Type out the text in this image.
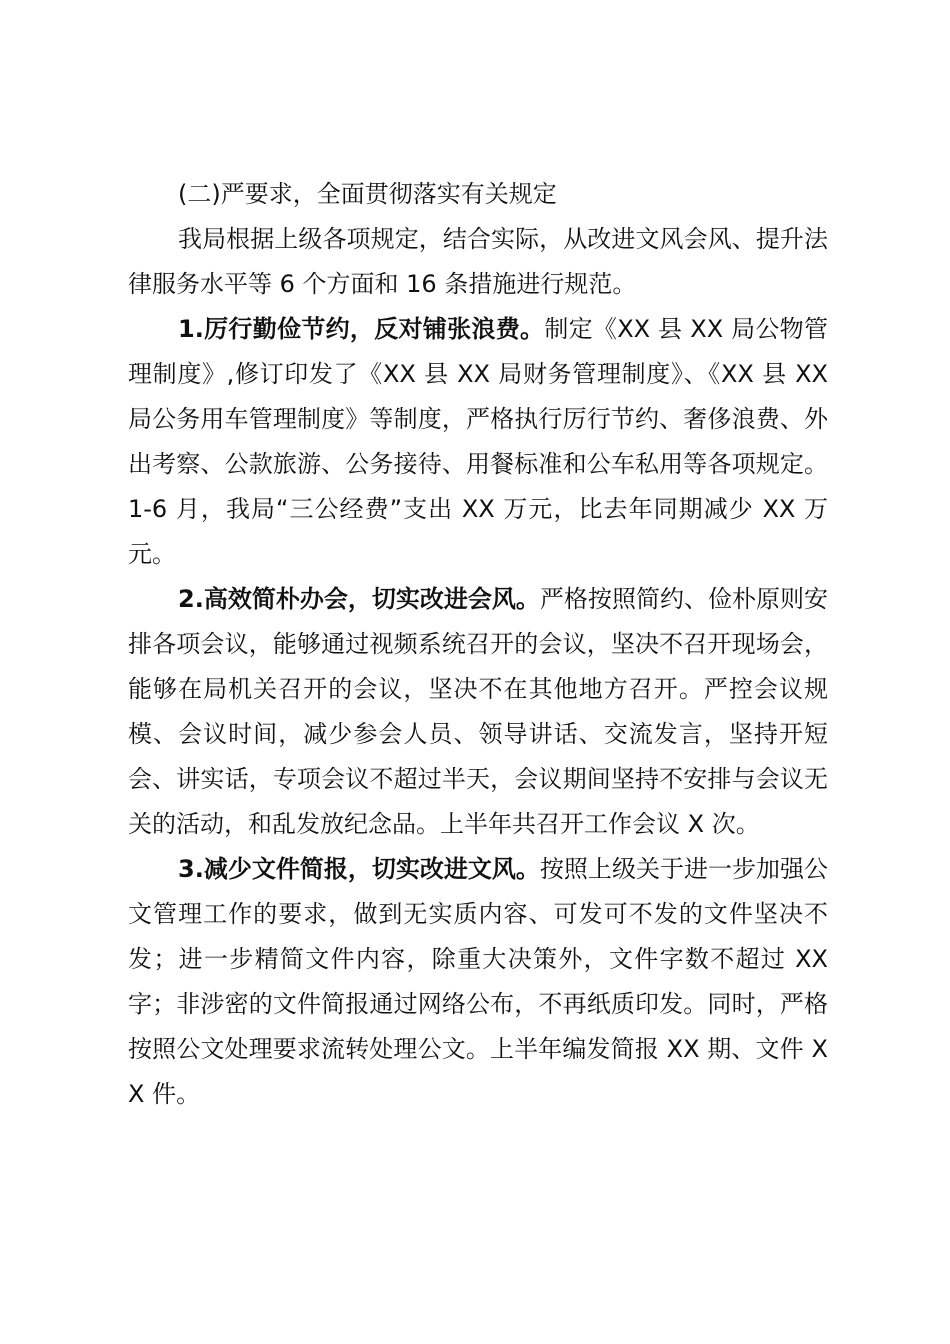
(二)严要求，全面贯彻落实有关规定

我局根据上级各项规定，结合实际，从改进文风会风、提升法律服务水平等 6 个方面和 16 条措施进行规范。

1.厉行勤俭节约，反对铺张浪费。制定《XX 县 XX 局公物管理制度》,修订印发了《XX 县 XX 局财务管理制度》、《XX 县 XX 局公务用车管理制度》等制度，严格执行厉行节约、奢侈浪费、外出考察、公款旅游、公务接待、用餐标准和公车私用等各项规定。1-6 月，我局“三公经费”支出 XX 万元，比去年同期减少 XX 万元。

2.高效简朴办会，切实改进会风。严格按照简约、俭朴原则安排各项会议，能够通过视频系统召开的会议，坚决不召开现场会，能够在局机关召开的会议，坚决不在其他地方召开。严控会议规模、会议时间，减少参会人员、领导讲话、交流发言，坚持开短会、讲实话，专项会议不超过半天，会议期间坚持不安排与会议无关的活动，和乱发放纪念品。上半年共召开工作会议 X 次。

3.减少文件简报，切实改进文风。按照上级关于进一步加强公文管理工作的要求，做到无实质内容、可发可不发的文件坚决不发；进一步精简文件内容，除重大决策外，文件字数不超过 XX 字；非涉密的文件简报通过网络公布，不再纸质印发。同时，严格按照公文处理要求流转处理公文。上半年编发简报 XX 期、文件 XX 件。
